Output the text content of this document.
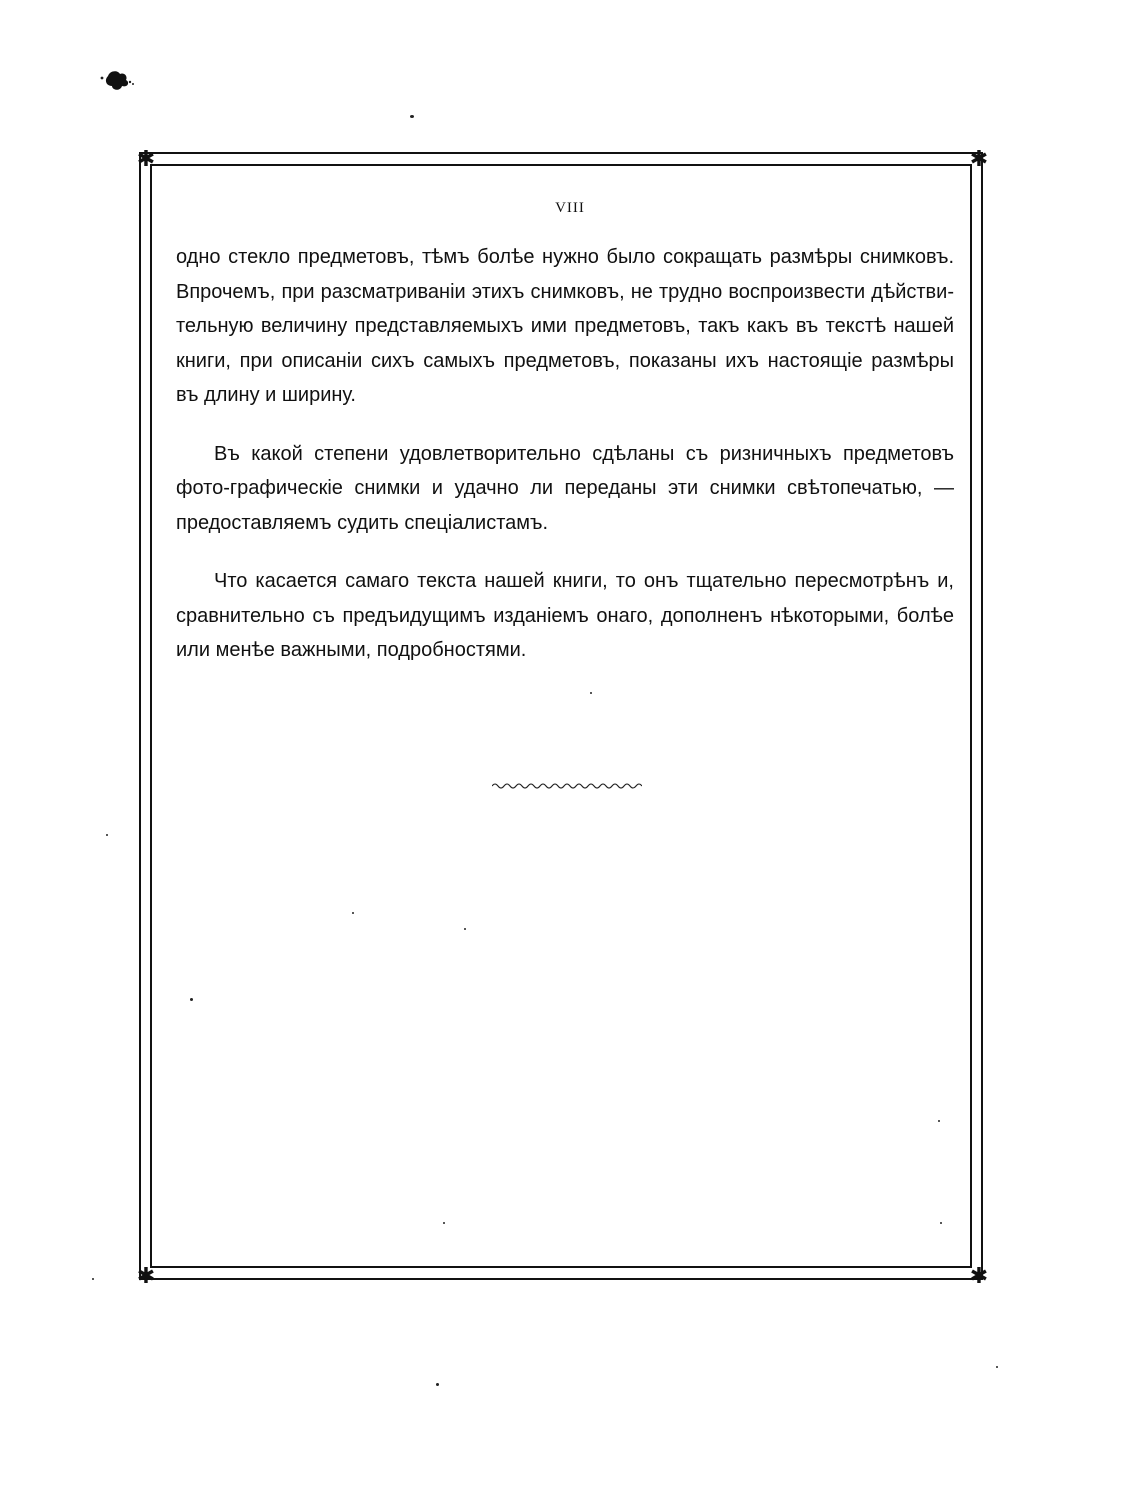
✱	✱
✱	✱
VIII

одно стекло предметовъ, тѣмъ болѣе нужно было сокращать размѣры снимковъ. Впрочемъ, при разсматриванiи этихъ снимковъ, не трудно воспроизвести дѣйстви-тельную величину представляемыхъ ими предметовъ, такъ какъ въ текстѣ нашей книги, при описанiи сихъ самыхъ предметовъ, показаны ихъ настоящiе размѣры въ длину и ширину.

Въ какой степени удовлетворительно сдѣланы съ ризничныхъ предметовъ фото-графическiе снимки и удачно ли переданы эти снимки свѣтопечатью, — предоставляемъ судить спецiалистамъ.

Что касается самаго текста нашей книги, то онъ тщательно пересмотрѣнъ и, сравнительно съ предъидущимъ изданiемъ онаго, дополненъ нѣкоторыми, болѣе или менѣе важными, подробностями.
